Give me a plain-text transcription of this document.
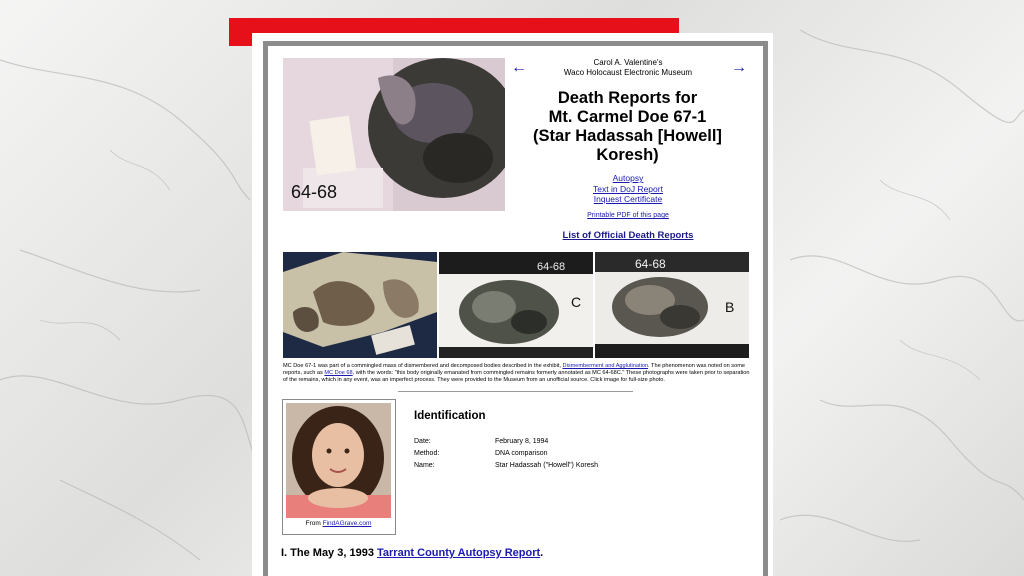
64-68
←	→
Carol A. Valentine's
Waco Holocaust Electronic Museum
Death Reports for
Mt. Carmel Doe 67-1
(Star Hadassah [Howell]
Koresh)
Autopsy
Text in DoJ Report
Inquest Certificate
Printable PDF of this page
List of Official Death Reports
64-68
C
64-68
B
MC Doe 67-1 was part of a commingled mass of dismembered and decomposed bodies described in the exhibit, Dismemberment and Agglutination. The phenomenon was noted on some reports, such as MC Doe 68, with the words: "this body originally emanated from commingled remains formerly annotated as MC 64-68C." These photographs were taken prior to separation of the remains, which in any event, was an imperfect process. They were provided to the Museum from an unofficial source. Click image for full-size photo.
From FindAGrave.com
Identification
Date:	February 8, 1994
Method:	DNA comparison
Name:	Star Hadassah ("Howell") Koresh
I. The May 3, 1993 Tarrant County Autopsy Report.
